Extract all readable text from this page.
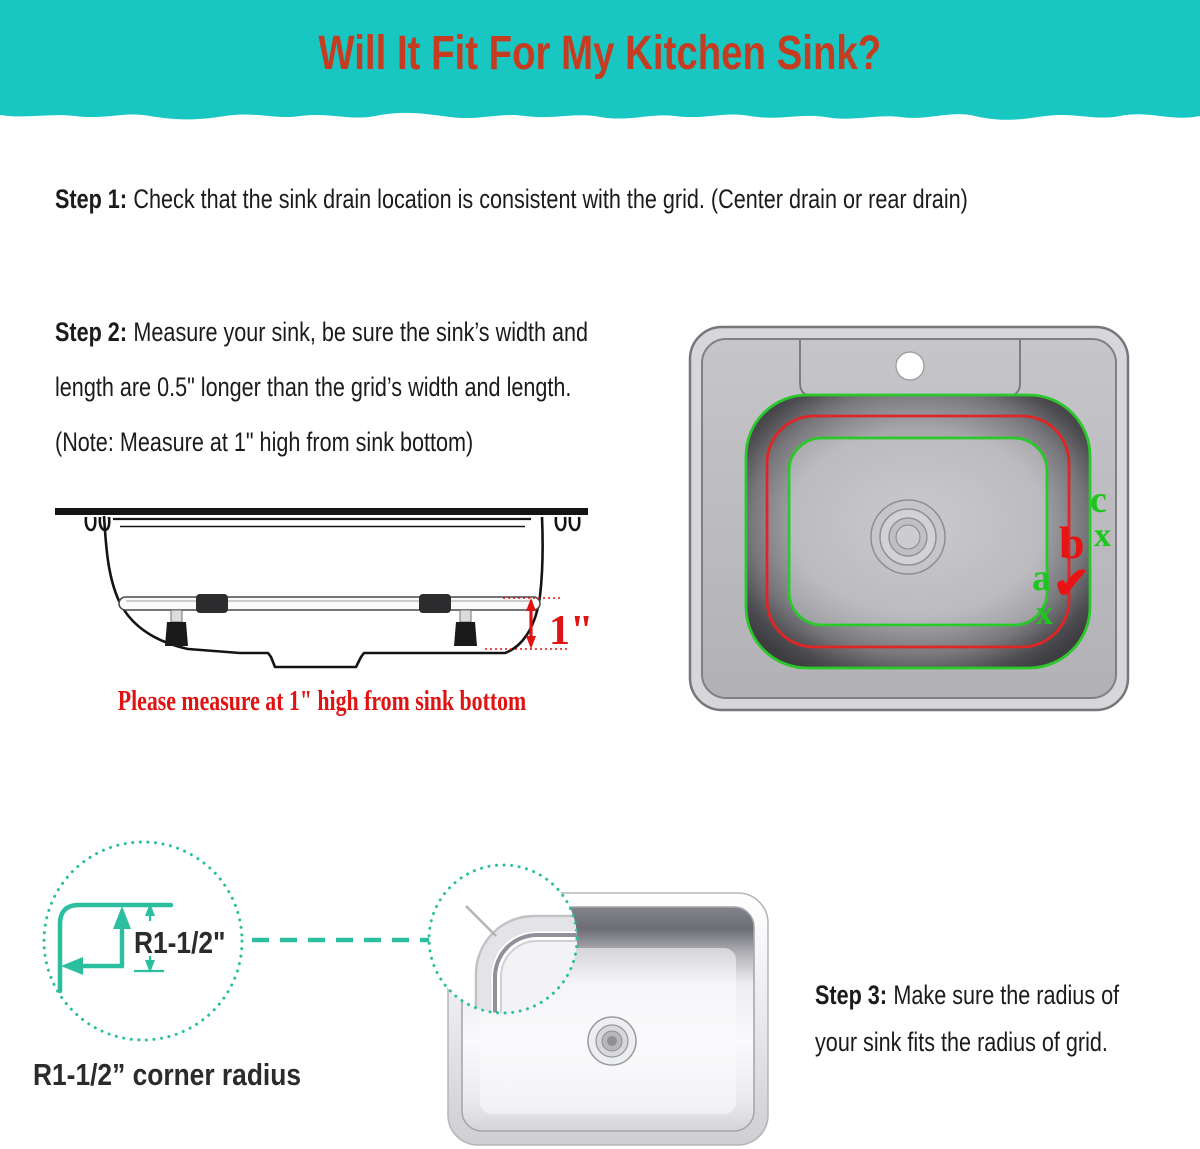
Will It Fit For My Kitchen Sink?
Step 1: Check that the sink drain location is consistent with the grid. (Center drain or rear drain)
Step 2: Measure your sink, be sure the sink’s width and
length are 0.5" longer than the grid’s width and length.
(Note: Measure at 1" high from sink bottom)
1"
Please measure at 1" high from sink bottom
c
x
b
✔
a
x
R1-1/2"
Step 3: Make sure the radius of
your sink fits the radius of grid.
R1-1/2” corner radius
